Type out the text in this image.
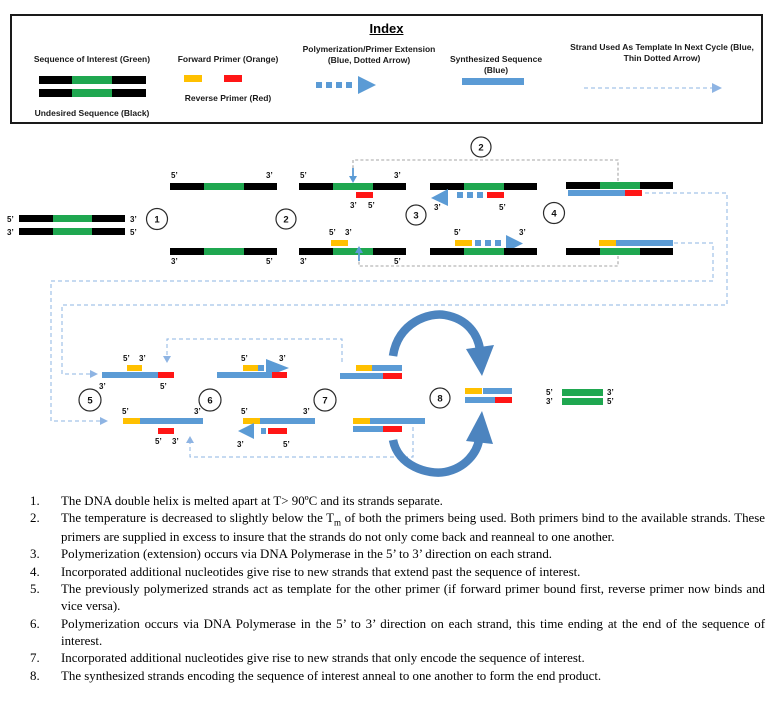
Index
Sequence of Interest (Green)
Undesired Sequence (Black)
Forward Primer (Orange)
Reverse Primer (Red)
Polymerization/Primer Extension (Blue, Dotted Arrow)	Synthesized Sequence (Blue)
Strand Used As Template In Next Cycle (Blue, Thin Dotted Arrow)
5’	3’
3’	5’
1
5’	3’
3’	5’
2
5’	3’
3’ 5’
5’ 3’
3’	5’
2
3
3’	5’
5’	3’
4
5’ 3’
3’	5’
5
5’	3’
6	7	8
5’	3’
3’	5’
5’	3’
5’ 3’
5’	3’
3’	5’
1.	The DNA double helix is melted apart at T> 90ºC and its strands separate.
2.	The temperature is decreased to slightly below the $T_m$ of both the primers being used. Both primers bind to the available strands. These primers are supplied in excess to insure that the strands do not only come back and reanneal to one another.
3.	Polymerization (extension) occurs via DNA Polymerase in the 5’ to 3’ direction on each strand.
4.	Incorporated additional nucleotides give rise to new strands that extend past the sequence of interest.
5.	The previously polymerized strands act as template for the other primer (if forward primer bound first, reverse primer now binds and vice versa).
6.	Polymerization occurs via DNA Polymerase in the 5’ to 3’ direction on each strand, this time ending at the end of the sequence of interest.
7.	Incorporated additional nucleotides give rise to new strands that only encode the sequence of interest.
8.	The synthesized strands encoding the sequence of interest anneal to one another to form the end product.
